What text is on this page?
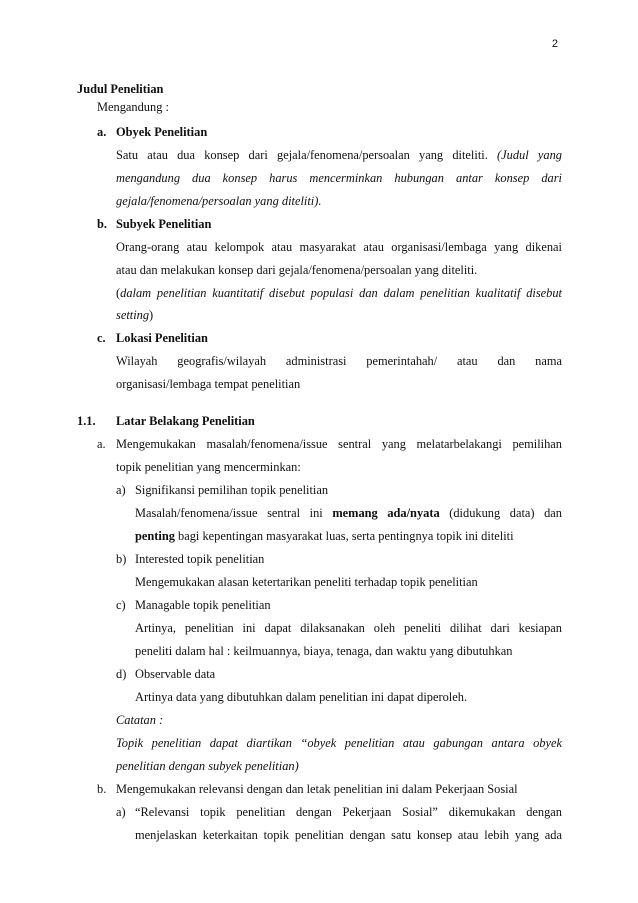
2
Judul Penelitian
Mengandung :
a. Obyek Penelitian
Satu atau dua konsep dari gejala/fenomena/persoalan yang diteliti. (Judul yang
mengandung dua konsep harus mencerminkan hubungan antar konsep dari
gejala/fenomena/persoalan yang diteliti).
b. Subyek Penelitian
Orang-orang atau kelompok atau masyarakat atau organisasi/lembaga yang dikenai
atau dan melakukan konsep dari gejala/fenomena/persoalan yang diteliti.
(dalam penelitian kuantitatif disebut populasi dan dalam penelitian kualitatif disebut
setting)
c. Lokasi Penelitian
Wilayah geografis/wilayah administrasi pemerintahah/ atau dan nama
organisasi/lembaga tempat penelitian
1.1. Latar Belakang Penelitian
a. Mengemukakan masalah/fenomena/issue sentral yang melatarbelakangi pemilihan
topik penelitian yang mencerminkan:
a) Signifikansi pemilihan topik penelitian
Masalah/fenomena/issue sentral ini memang ada/nyata (didukung data) dan
penting bagi kepentingan masyarakat luas, serta pentingnya topik ini diteliti
b) Interested topik penelitian
Mengemukakan alasan ketertarikan peneliti terhadap topik penelitian
c) Managable topik penelitian
Artinya, penelitian ini dapat dilaksanakan oleh peneliti dilihat dari kesiapan
peneliti dalam hal : keilmuannya, biaya, tenaga, dan waktu yang dibutuhkan
d) Observable data
Artinya data yang dibutuhkan dalam penelitian ini dapat diperoleh.
Catatan :
Topik penelitian dapat diartikan “obyek penelitian atau gabungan antara obyek
penelitian dengan subyek penelitian)
b. Mengemukakan relevansi dengan dan letak penelitian ini dalam Pekerjaan Sosial
a) “Relevansi topik penelitian dengan Pekerjaan Sosial” dikemukakan dengan
menjelaskan keterkaitan topik penelitian dengan satu konsep atau lebih yang ada
